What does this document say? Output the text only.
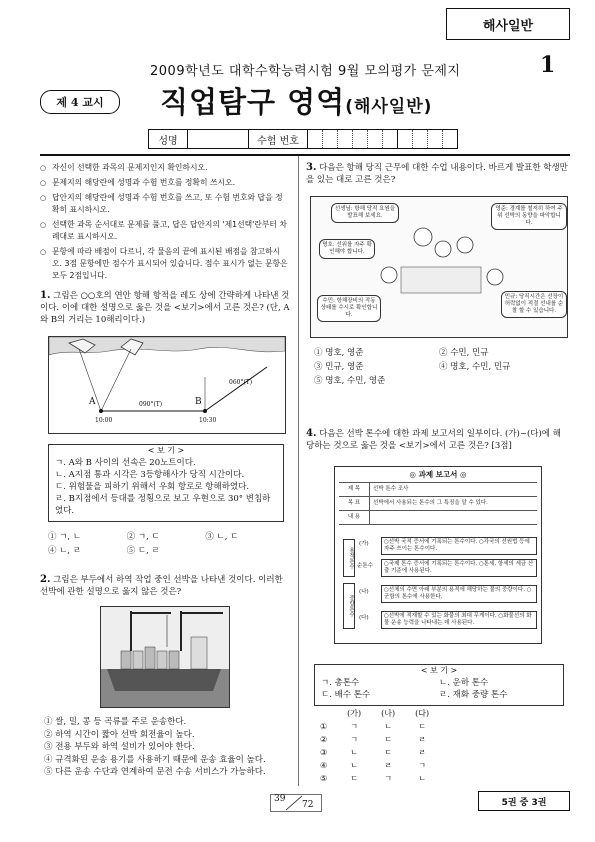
해사일반
2009학년도 대학수학능력시험 9월 모의평가 문제지	1
제 4 교시	직업탐구 영역(해사일반)
성명	수험 번호
○ 자신이 선택한 과목의 문제지인지 확인하시오.
○ 문제지의 해당란에 성명과 수험 번호를 정확히 쓰시오.
○ 답안지의 해당란에 성명과 수험 번호를 쓰고, 또 수험 번호와 답을 정확히 표시하시오.
○ 선택한 과목 순서대로 문제를 풀고, 답은 답안지의 '제1선택'란부터 차례대로 표시하시오.
○ 문항에 따라 배점이 다르니, 각 물음의 끝에 표시된 배점을 참고하시오. 3점 문항에만 점수가 표시되어 있습니다. 점수 표시가 없는 문항은 모두 2점입니다.
1. 그림은 ○○호의 연안 항해 항적을 레도 상에 간략하게 나타낸 것이다. 이에 대한 설명으로 옳은 것을 <보기>에서 고른 것은? (단, A와 B의 거리는 10해리이다.)
A	B
10:00	10:30
090°(T)
060°(T)
< 보 기 >
ㄱ. A와 B 사이의 선속은 20노트이다.
ㄴ. A지점 통과 시각은 3등항해사가 당직 시간이다.
ㄷ. 위험물을 피하기 위해서 우회 항로로 항해하였다.
ㄹ. B지점에서 등대를 정횡으로 보고 우현으로 30° 변침하였다.
① ㄱ, ㄴ	② ㄱ, ㄷ	③ ㄴ, ㄷ
④ ㄴ, ㄹ	⑤ ㄷ, ㄹ
2. 그림은 부두에서 하역 작업 중인 선박을 나타낸 것이다. 이러한 선박에 관한 설명으로 옳지 않은 것은?
① 쌀, 밀, 콩 등 곡류를 주로 운송한다.
② 하역 시간이 짧아 선박 회전율이 높다.
③ 전용 부두와 하역 설비가 있어야 한다.
④ 규격화된 운송 용기를 사용하기 때문에 운송 효율이 높다.
⑤ 다른 운송 수단과 연계하여 문전 수송 서비스가 가능하다.
3. 다음은 항해 당직 근무에 대한 수업 내용이다. 바르게 발표한 학생만을 있는 대로 고른 것은?
선생님: 항해 당직 요원을 발표해 보세요.
명호: 선위를 자주 확인해야 합니다.
영준: 경계를 철저히 하여 주위 선박의 동향을 파악합니다.
수민: 항해장비의 작동 상태를 수시로 확인합니다.
민규: 당직시간은 선장이 허락없이 적절 선내를 순찰 할 수 있습니다.
① 명호, 영준	② 수민, 민규
③ 민규, 영준	④ 명호, 수민, 민규
⑤ 명호, 수민, 영준
4. 다음은 선박 톤수에 대한 과제 보고서의 일부이다. (가)~(다)에 해당하는 것으로 옳은 것을 <보기>에서 고른 것은? [3점]
◎ 과제 보고서 ◎
제 목	선박 톤수 조사
목 표	선박에서 사용되는 톤수의 그 특징을 알 수 있다.
내 용
용적톤수
중량톤수
(가)	○선박 국적 증서에 기록되는 톤수이다. ○각국의 선원법 등에 자주 쓰이는 톤수이다.
순톤수	○국제 톤수 증서에 기록되는 톤수이다. ○톤세, 항세의 세금 산출 기준에 사용된다.
(나)	○선체의 수면 아래 부분의 용적에 해당하는 물의 중량이다. ○군함의 톤수에 사용한다.
(다)	○선박에 적재할 수 있는 화물의 최대 무게이다. ○화물선의 화물 운송 능력을 나타내는 데 사용된다.
< 보 기 >
ㄱ. 총톤수	ㄴ. 운하 톤수
ㄷ. 배수 톤수	ㄹ. 재화 중량 톤수
	(가)	(나)	(다)
①	ㄱ	ㄴ	ㄷ
②	ㄱ	ㄷ	ㄹ
③	ㄴ	ㄷ	ㄹ
④	ㄴ	ㄹ	ㄱ
⑤	ㄷ	ㄱ	ㄴ
39
72	5권 중 3권
